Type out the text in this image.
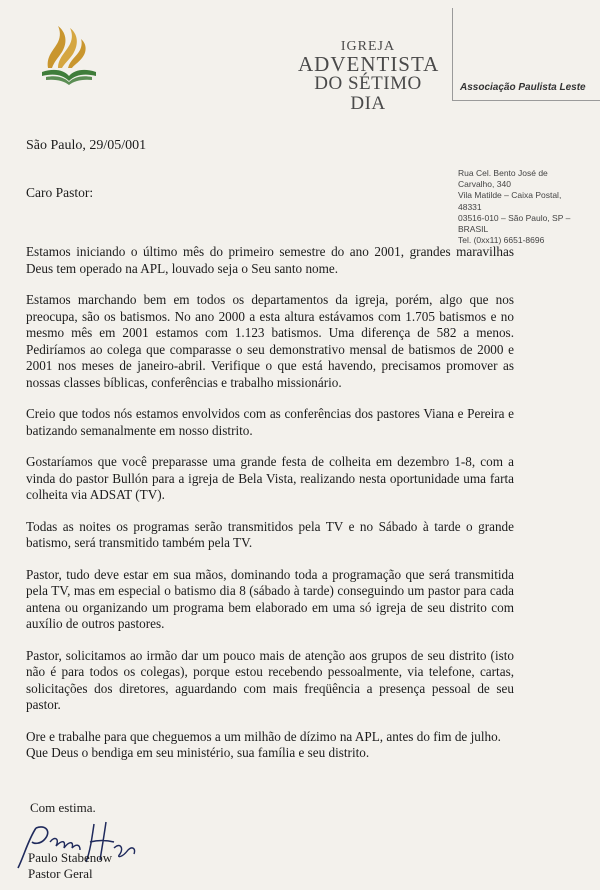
IGREJA
ADVENTISTA
DO SÉTIMO DIA
Associação Paulista Leste
Rua Cel. Bento José de
Carvalho, 340
Vila Matilde – Caixa Postal,
48331
03516-010 – São Paulo, SP –
BRASIL
Tel. (0xx11) 6651-8696
São Paulo, 29/05/001
Caro Pastor:

Estamos iniciando o último mês do primeiro semestre do ano 2001, grandes maravilhas Deus tem operado na APL, louvado seja o Seu santo nome.

Estamos marchando bem em todos os departamentos da igreja, porém, algo que nos preocupa, são os batismos. No ano 2000 a esta altura estávamos com 1.705 batismos e no mesmo mês em 2001 estamos com 1.123 batismos. Uma diferença de 582 a menos. Pediríamos ao colega que comparasse o seu demonstrativo mensal de batismos de 2000 e 2001 nos meses de janeiro-abril. Verifique o que está havendo, precisamos promover as nossas classes bíblicas, conferências e trabalho missionário.

Creio que todos nós estamos envolvidos com as conferências dos pastores Viana e Pereira e batizando semanalmente em nosso distrito.

Gostaríamos que você preparasse uma grande festa de colheita em dezembro 1-8, com a vinda do pastor Bullón para a igreja de Bela Vista, realizando nesta oportunidade uma farta colheita via ADSAT (TV).

Todas as noites os programas serão transmitidos pela TV e no Sábado à tarde o grande batismo, será transmitido também pela TV.

Pastor, tudo deve estar em sua mãos, dominando toda a programação que será transmitida pela TV, mas em especial o batismo dia 8 (sábado à tarde) conseguindo um pastor para cada antena ou organizando um programa bem elaborado em uma só igreja de seu distrito com auxílio de outros pastores.

Pastor, solicitamos ao irmão dar um pouco mais de atenção aos grupos de seu distrito (isto não é para todos os colegas), porque estou recebendo pessoalmente, via telefone, cartas, solicitações dos diretores, aguardando com mais freqüência a presença pessoal de seu pastor.

Ore e trabalhe para que cheguemos a um milhão de dízimo na APL, antes do fim de julho.

Que Deus o bendiga em seu ministério, sua família e seu distrito.

Com estima.
Paulo Stabenow
Pastor Geral
